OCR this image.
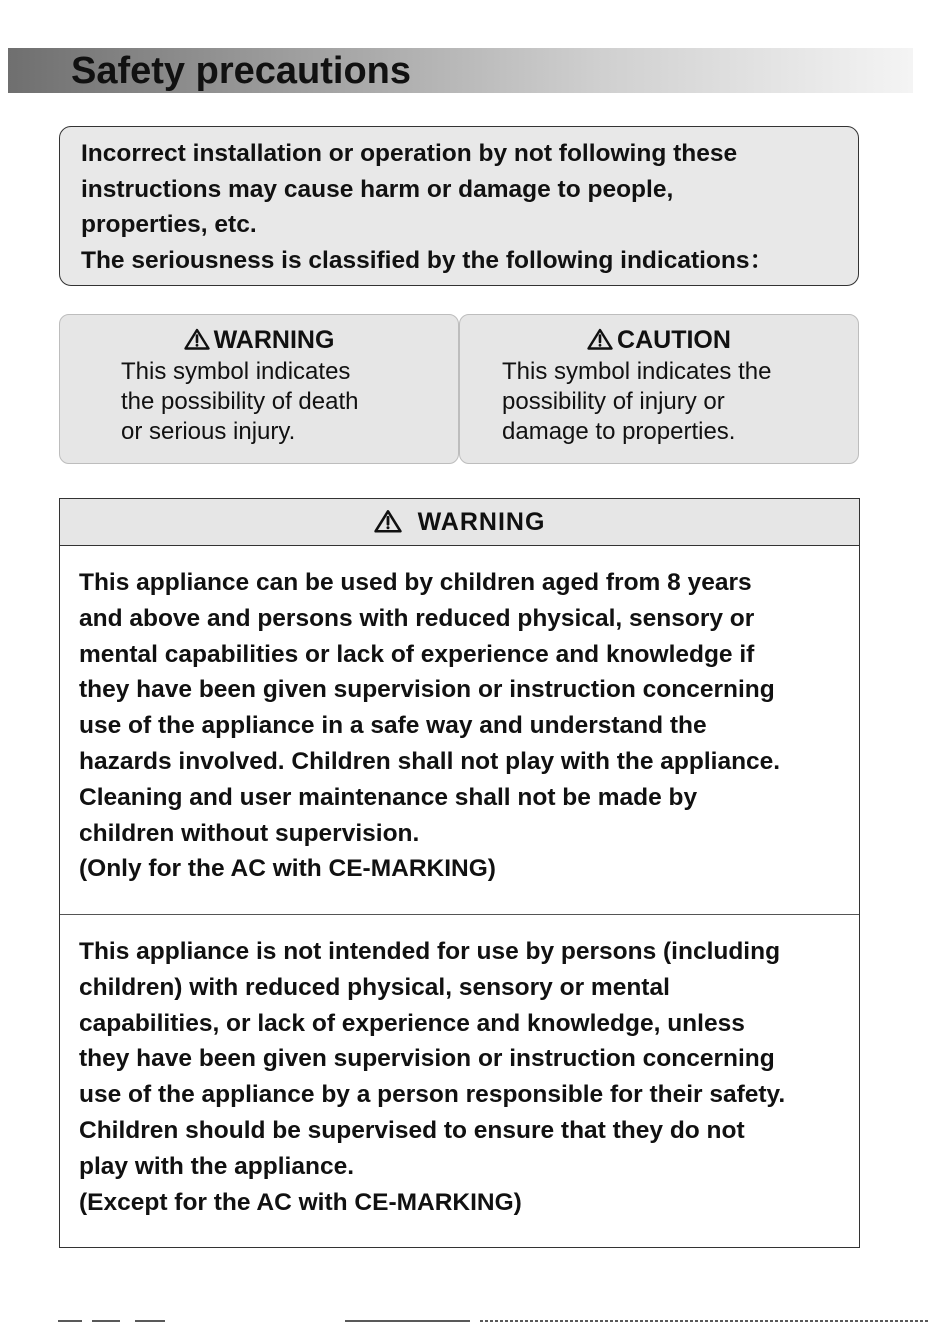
Safety precautions

Incorrect installation or operation by not following these

instructions may cause harm or damage to people,

properties, etc.

The seriousness is classified by the following indications：

WARNING
This symbol indicates
the possibility of death
or serious injury.
CAUTION
This symbol indicates the
possibility of injury or
damage to properties.
WARNING
This appliance can be used by children aged from 8 years
and above and persons with reduced physical, sensory or
mental capabilities or lack of experience and knowledge if
they have been given supervision or instruction concerning
use of the appliance in a safe way and understand the
hazards involved. Children shall not play with the appliance.
Cleaning and user maintenance shall not be made by
children without supervision.
(Only for the AC with CE-MARKING)
This appliance is not intended for use by persons (including
children) with reduced physical, sensory or mental
capabilities, or lack of experience and knowledge, unless
they have been given supervision or instruction concerning
use of the appliance by a person responsible for their safety.
Children should be supervised to ensure that they do not
play with the appliance.
(Except for the AC with CE-MARKING)
